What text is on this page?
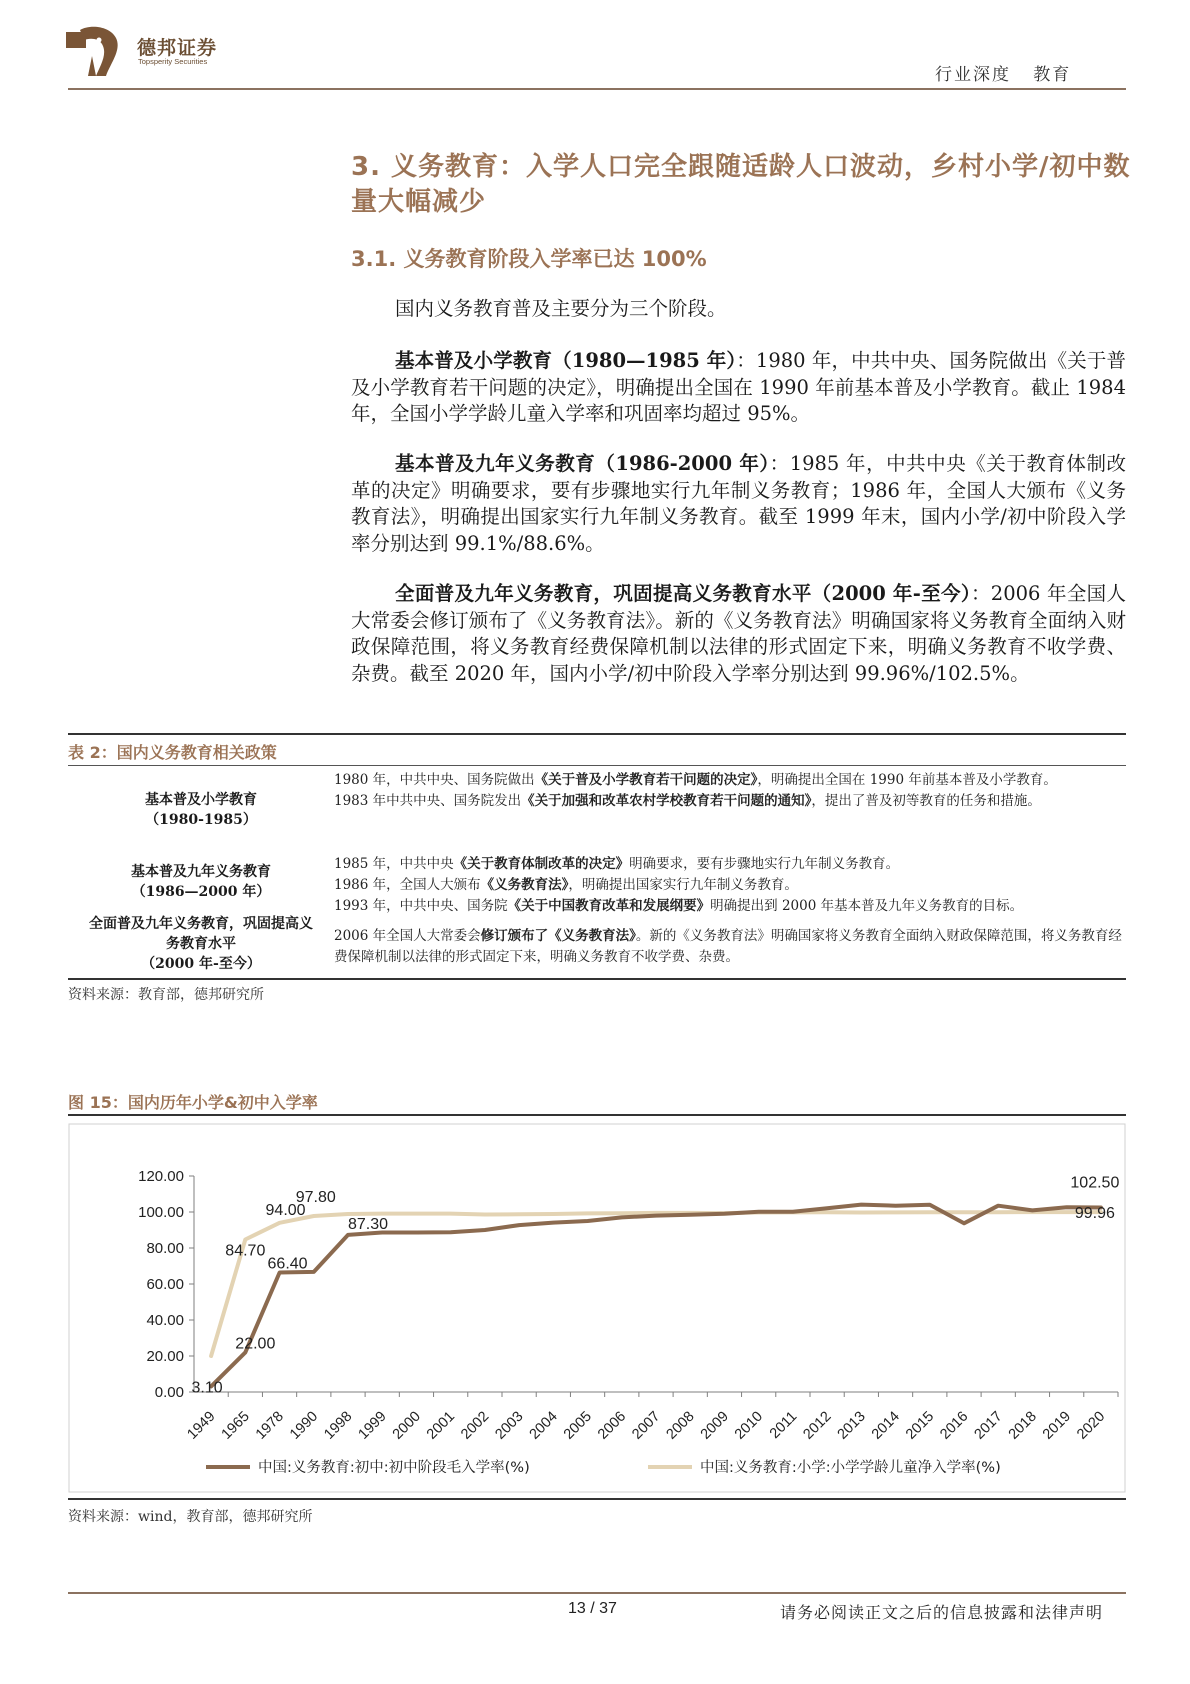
德邦证券
Topsperity Securities
行业深度 教育
3. 义务教育：入学人口完全跟随适龄人口波动，乡村小学/初中数量大幅减少
3.1. 义务教育阶段入学率已达 100%
国内义务教育普及主要分为三个阶段。
基本普及小学教育（1980—1985 年）：1980 年，中共中央、国务院做出《关于普及小学教育若干问题的决定》，明确提出全国在 1990 年前基本普及小学教育。截止 1984 年，全国小学学龄儿童入学率和巩固率均超过 95%。
基本普及九年义务教育（1986-2000 年）：1985 年，中共中央《关于教育体制改革的决定》明确要求，要有步骤地实行九年制义务教育；1986 年，全国人大颁布《义务教育法》，明确提出国家实行九年制义务教育。截至 1999 年末，国内小学/初中阶段入学率分别达到 99.1%/88.6%。
全面普及九年义务教育，巩固提高义务教育水平（2000 年-至今）：2006 年全国人大常委会修订颁布了《义务教育法》。新的《义务教育法》明确国家将义务教育全面纳入财政保障范围，将义务教育经费保障机制以法律的形式固定下来，明确义务教育不收学费、杂费。截至 2020 年，国内小学/初中阶段入学率分别达到 99.96%/102.5%。
表 2：国内义务教育相关政策
基本普及小学教育
（1980-1985）
1980 年，中共中央、国务院做出《关于普及小学教育若干问题的决定》，明确提出全国在 1990 年前基本普及小学教育。
1983 年中共中央、国务院发出《关于加强和改革农村学校教育若干问题的通知》，提出了普及初等教育的任务和措施。
基本普及九年义务教育
（1986—2000 年）
1985 年，中共中央《关于教育体制改革的决定》明确要求，要有步骤地实行九年制义务教育。
1986 年，全国人大颁布《义务教育法》，明确提出国家实行九年制义务教育。
1993 年，中共中央、国务院《关于中国教育改革和发展纲要》明确提出到 2000 年基本普及九年义务教育的目标。
全面普及九年义务教育，巩固提高义
务教育水平
（2000 年-至今）
2006 年全国人大常委会修订颁布了《义务教育法》。新的《义务教育法》明确国家将义务教育全面纳入财政保障范围，将义务教育经费保障机制以法律的形式固定下来，明确义务教育不收学费、杂费。
资料来源：教育部，德邦研究所
图 15：国内历年小学&初中入学率
0.00
20.00
40.00
60.00
80.00
100.00
120.00
1949 1965 1978 1990 1998 1999 2000 2001 2002 2003 2004 2005 2006 2007 2008 2009 2010 2011 2012 2013 2014 2015 2016 2017 2018 2019 2020
3.10
22.00
66.40
87.30
102.50
84.70
94.00
97.80
99.96
中国:义务教育:初中:初中阶段毛入学率(%)	中国:义务教育:小学:小学学龄儿童净入学率(%)
资料来源：wind，教育部，德邦研究所
13 / 37	请务必阅读正文之后的信息披露和法律声明
